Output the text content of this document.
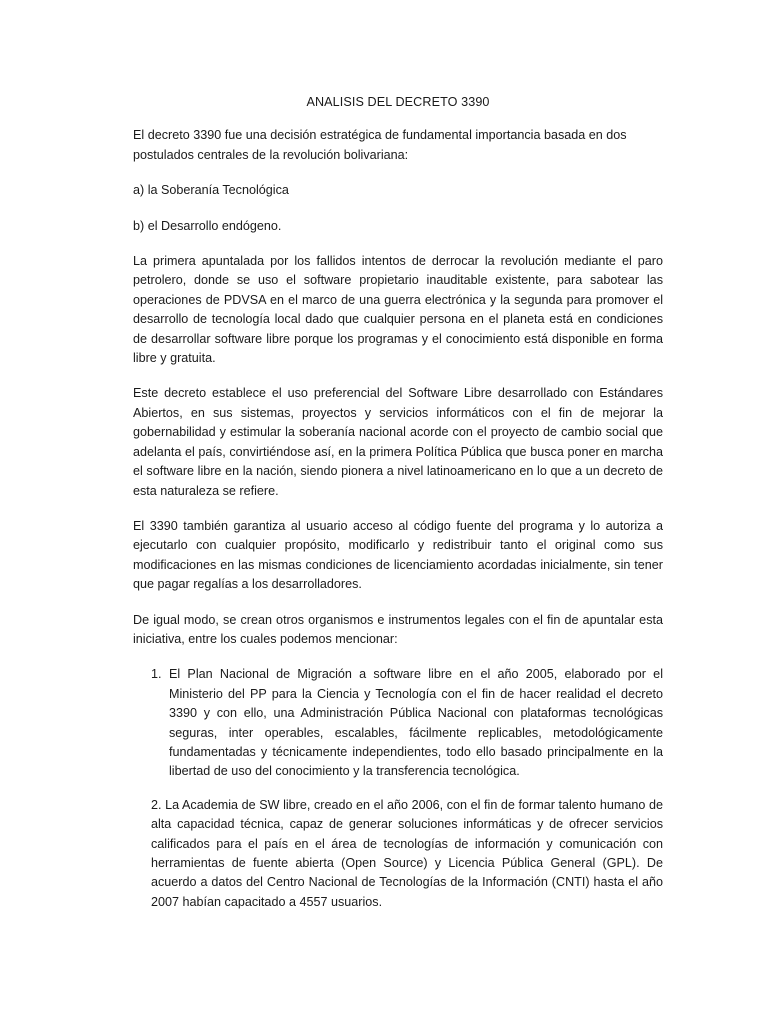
ANALISIS DEL DECRETO 3390

El decreto 3390 fue una decisión estratégica de fundamental importancia basada en dos postulados centrales de la revolución bolivariana:

a) la Soberanía Tecnológica

b) el Desarrollo endógeno.

La primera apuntalada por los fallidos intentos de derrocar la revolución mediante el paro petrolero, donde se uso el software propietario inauditable existente, para sabotear las operaciones de PDVSA en el marco de una guerra electrónica y la segunda para promover el desarrollo de tecnología local dado que cualquier persona en el planeta está en condiciones de desarrollar software libre porque los programas y el conocimiento está disponible en forma libre y gratuita.

Este decreto establece el uso preferencial del Software Libre desarrollado con Estándares Abiertos, en sus sistemas, proyectos y servicios informáticos con el fin de mejorar la gobernabilidad y estimular la soberanía nacional acorde con el proyecto de cambio social que adelanta el país, convirtiéndose así, en la primera Política Pública que busca poner en marcha el software libre en la nación, siendo pionera a nivel latinoamericano en lo que a un decreto de esta naturaleza se refiere.

El 3390 también garantiza al usuario acceso al código fuente del programa y lo autoriza a ejecutarlo con cualquier propósito, modificarlo y redistribuir tanto el original como sus modificaciones en las mismas condiciones de licenciamiento acordadas inicialmente, sin tener que pagar regalías a los desarrolladores.

De igual modo, se crean otros organismos e instrumentos legales con el fin de apuntalar esta iniciativa, entre los cuales podemos mencionar:

1. El Plan Nacional de Migración a software libre en el año 2005, elaborado por el Ministerio del PP para la Ciencia y Tecnología con el fin de hacer realidad el decreto 3390 y con ello, una Administración Pública Nacional con plataformas tecnológicas seguras, inter operables, escalables, fácilmente replicables, metodológicamente fundamentadas y técnicamente independientes, todo ello basado principalmente en la libertad de uso del conocimiento y la transferencia tecnológica.
2. La Academia de SW libre, creado en el año 2006, con el fin de formar talento humano de alta capacidad técnica, capaz de generar soluciones informáticas y de ofrecer servicios calificados para el país en el área de tecnologías de información y comunicación con herramientas de fuente abierta (Open Source) y Licencia Pública General (GPL). De acuerdo a datos del Centro Nacional de Tecnologías de la Información (CNTI) hasta el año 2007 habían capacitado a 4557 usuarios.
